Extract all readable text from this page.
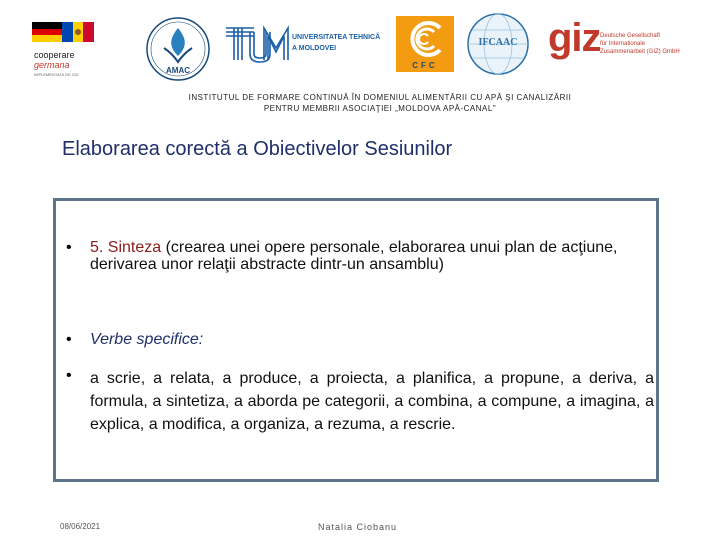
cooperare
germana
IMPLEMENTATA DE GIZ	AMAC
UNIVERSITATEA TEHNICĂ
A MOLDOVEI
CFC
IFCAAC giz Deutsche Gesellschaft
für Internationale
Zusammenarbeit (GIZ) GmbH
INSTITUTUL DE FORMARE CONTINUĂ ÎN DOMENIUL ALIMENTĂRII CU APĂ ŞI CANALIZĂRII
PENTRU MEMBRII ASOCIAŢIEI „MOLDOVA APĂ-CANAL"
Elaborarea corectă a Obiectivelor Sesiunilor
• 5. Sinteza (crearea unei opere personale, elaborarea unui plan de acţiune, derivarea unor relaţii abstracte dintr-un ansamblu)
• Verbe specifice:
• a scrie, a relata, a produce, a proiecta, a planifica, a propune, a deriva, a formula, a sintetiza, a aborda pe categorii, a combina, a compune, a imagina, a explica, a modifica, a organiza, a rezuma, a rescrie.
08/06/2021	Natalia Ciobanu
